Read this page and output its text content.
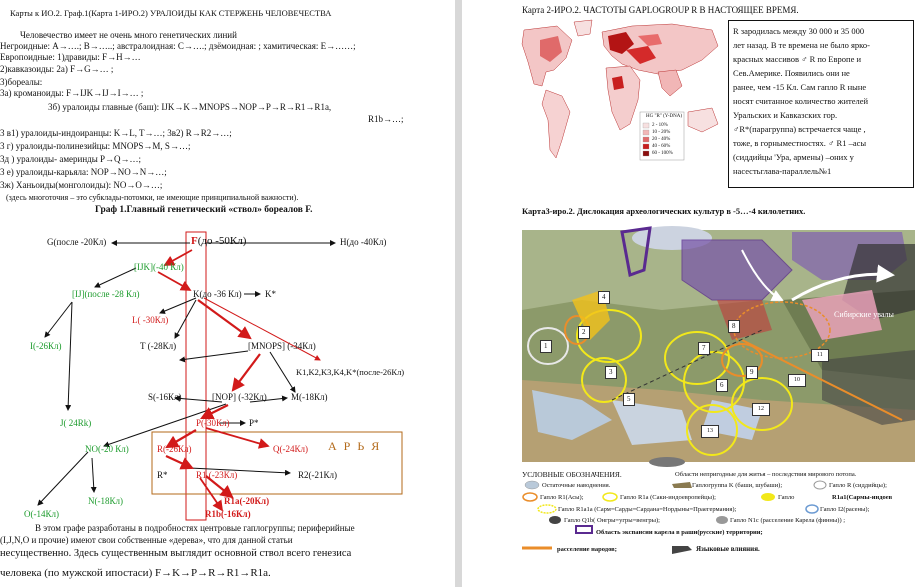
Карты к ИО.2. Граф.1(Карта 1-ИРО.2) УРАЛОИДЫ КАК СТЕРЖЕНЬ ЧЕЛОВЕЧЕСТВА
Человечество имеет не очень много генетических линий
Негроидные: А→….; В→…..; австралоидная: С→….; дзёмоидная: ; хамитическая: Е→……;
Европоидные: 1)дравиды: F→H→…
2)кавказоиды: 2а) F→G→… ;
3)бореалы:
3а) кроманоиды: F→IJK→IJ→I→… ;
3б) уралоиды главные (баш): IJK→K→MNOPS→NOP→P→R→R1→R1a,
R1b→…;
3 в1) уралоиды-индоиранцы: K→L, T→…; 3в2) R→R2→…;
3 г) уралоиды-полинезийцы: MNOPS→M, S→…;
3д ) уралоиды- америнды P→Q→…;
3 е) уралоиды-карьяла: NOP→NO→N→…;
3ж) Ханьоиды(монголоиды): NO→O→…;
(здесь многоточия – это субклады-потомки, не имеющие принципиальной важности).
Граф 1.Главный генетический «ствол» бореалов F.
F(до -50Кл)
G(после -20Кл)	H(до -40Кл)
[IJK](-40 Кл)
[IJ](после -28 Кл)	K(до -36 Кл)	K*
L( -30Кл)
I(-26Кл)	T (-28Кл)	[MNOPS] (-34Кл)
K1,K2,K3,K4,K*(после-26Кл)
S(-16Кл)	[NOP] (-32Кл)	M(-18Кл)
J( 24Rk)	P(-30Кл) P*
NO(-20 Кл)	R(-26Кл)	Q(-24Кл) А Р Ь Я
R*	R1 (-23Кл)	R2(-21Кл)
N(-18Кл)	R1a(-20Кл)
O(-14Кл)	R1b(-16Кл)
В этом графе разработаны в подробностях центровые гаплогруппы; периферийные
(I,J,N,O и прочие) имеют свои собственные «дерева», что для данной статьи
несущественно. Здесь существенным выглядит основной ствол всего генезиса
человека (по мужской ипостаси) F→K→P→R→R1→R1a.
Карта 2-ИРО.2. ЧАСТОТЫ GAPLOGROUP R В НАСТОЯЩЕЕ ВРЕМЯ.
HG "R" (Y-DNA)
2 - 10%
10 - 20%
20 - 40%
40 - 60%
60 - 100%
R зародилась между 30 000 и 35 000
лет назад. В те времена не было ярко-
красных массивов ♂ R по Европе и
Сев.Америке. Появились они не
ранее, чем -15 Кл. Сам гапло R ныне
носят считанное количество жителей
Уральских и Кавказских гор.
♂R*(парагруппа) встречается чаще ,
тоже, в горнымеcтностях. ♂ R1 –асы
(сиддийцы 'Ура, армены) –оних у
насестьглава-параллель№1
Карта3-иро.2. Дислокация археологических культур в -5…-4 килолетних.
Сибирские увалы
4
2
8
3
1	7
5
6
9
11
10
12
13
УСЛОВНЫЕ ОБОЗНАЧЕНИЯ.	Области непригодные для житья – последствия мирового потопа.
Остаточные наводнения.	Гаплогруппа K (баши, шубаши);	Гапло R (сиддийцы);
Гапло R1(Асы);	Гапло R1a (Саки-индоевропейцы);	Гапло	R1a1(Сармы-индоев
Гапло R1a1a (Сарм=Сарды=Сардана=Нордыны=Праегермания);	Гапло I2(расены);
Гапло Q1b( Онгры=угры=венгры);	Гапло N1c (расселение Карела (финны)) ;
Область экспансии карела в раши(русские) территории;
расселение народов;	Языковые влияния.
